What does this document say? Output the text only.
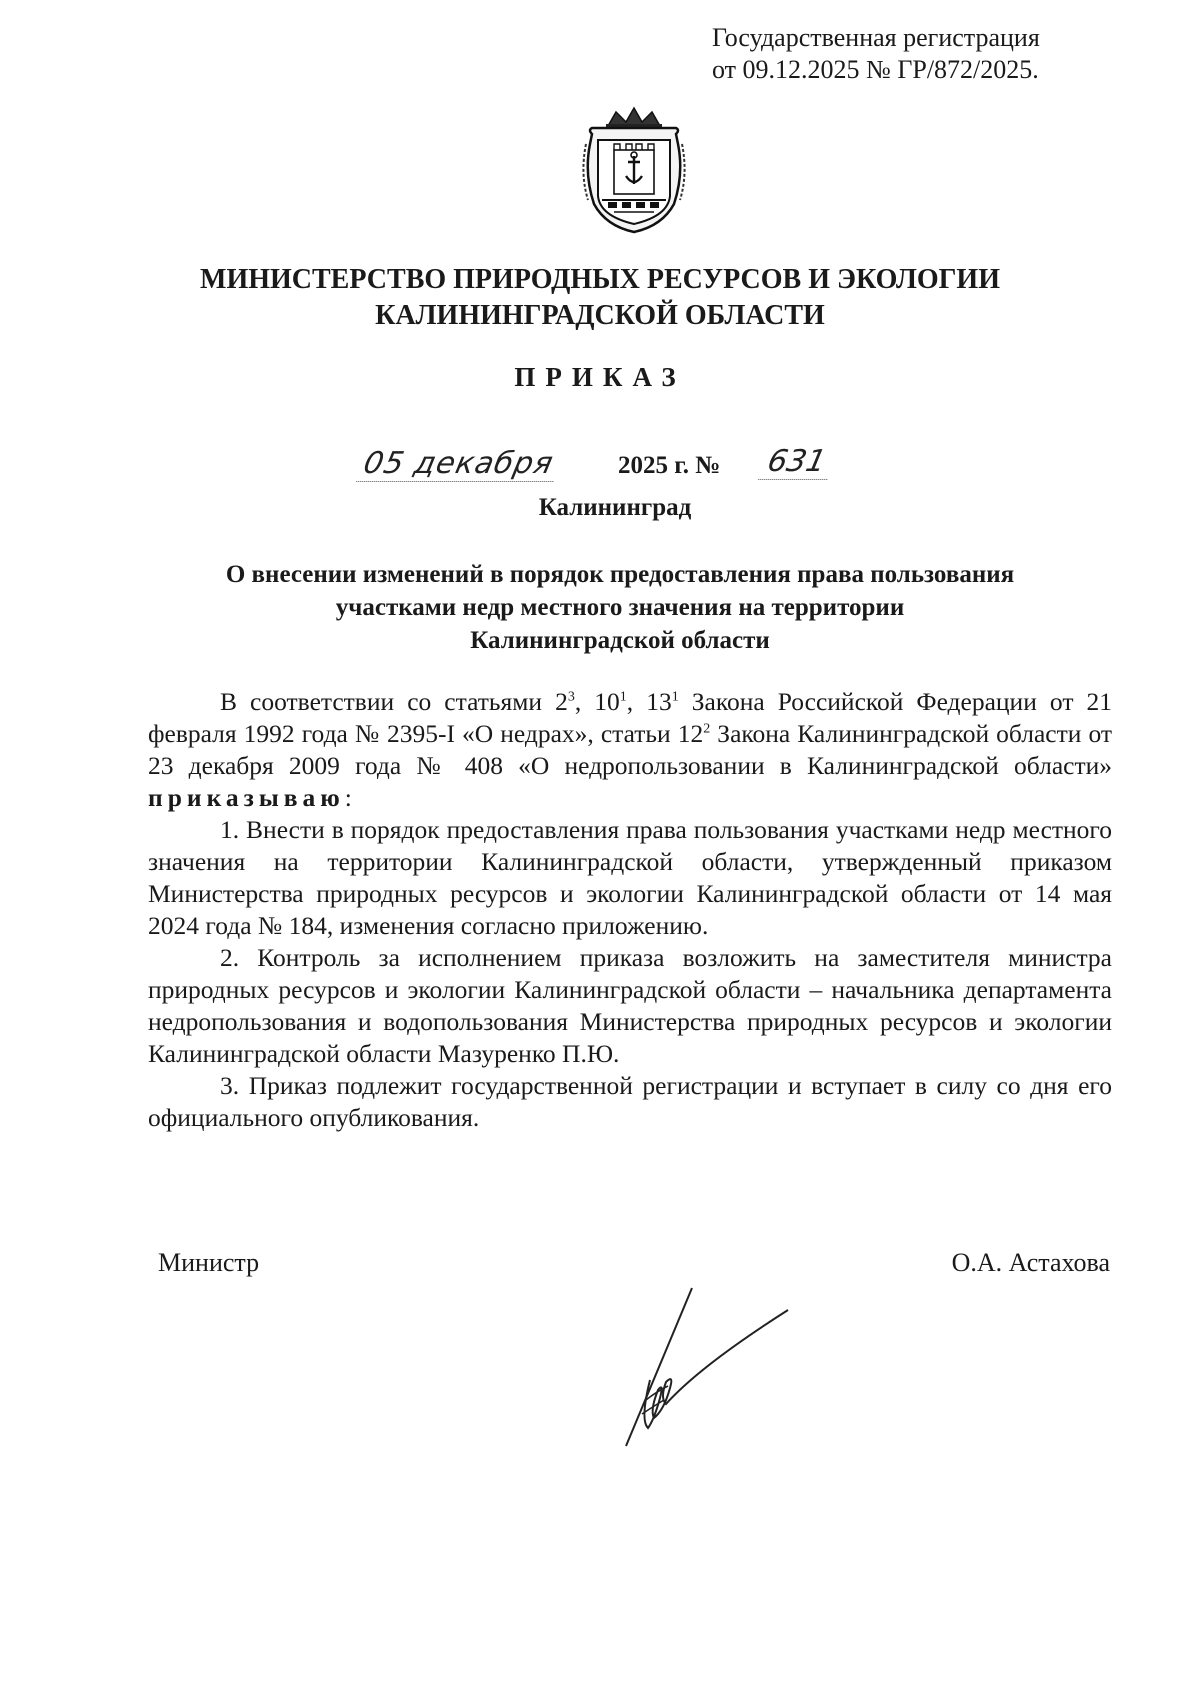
Государственная регистрация
от 09.12.2025 № ГР/872/2025.
МИНИСТЕРСТВО ПРИРОДНЫХ РЕСУРСОВ И ЭКОЛОГИИ
КАЛИНИНГРАДСКОЙ ОБЛАСТИ
ПРИКАЗ
05 декабря 2025 г. № 631
Калининград
О внесении изменений в порядок предоставления права пользования
участками недр местного значения на территории
Калининградской области

В соответствии со статьями $2^3$, $10^1$, $13^1$ Закона Российской Федерации от 21 февраля 1992 года № 2395-I «О недрах», статьи $12^2$ Закона Калининградской области от 23 декабря 2009 года № 408 «О недропользовании в Калининградской области» приказываю:

1. Внести в порядок предоставления права пользования участками недр местного значения на территории Калининградской области, утвержденный приказом Министерства природных ресурсов и экологии Калининградской области от 14 мая 2024 года № 184, изменения согласно приложению.

2. Контроль за исполнением приказа возложить на заместителя министра природных ресурсов и экологии Калининградской области – начальника департамента недропользования и водопользования Министерства природных ресурсов и экологии Калининградской области Мазуренко П.Ю.

3. Приказ подлежит государственной регистрации и вступает в силу со дня его официального опубликования.

Министр	О.А. Астахова
